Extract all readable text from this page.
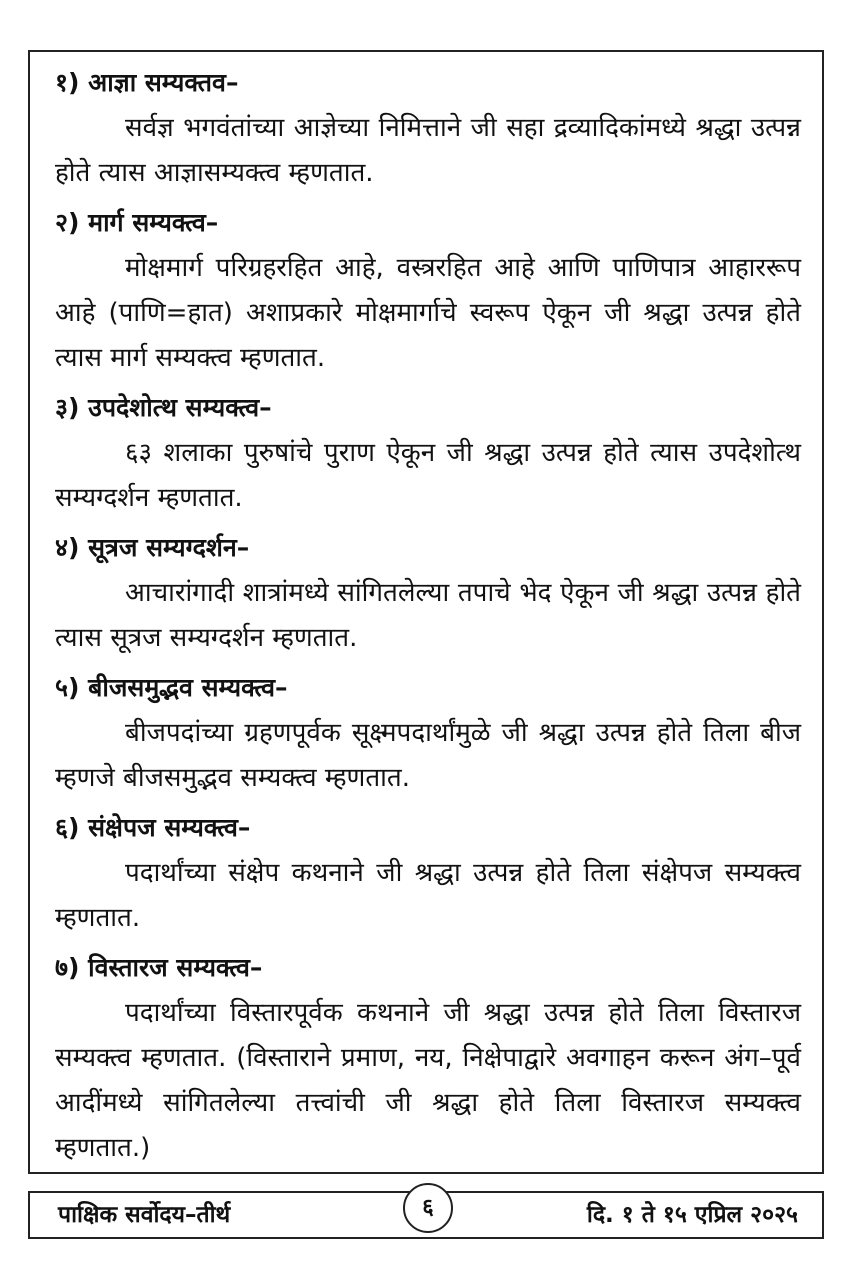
१) आज्ञा सम्यक्तव–

सर्वज्ञ भगवंतांच्या आज्ञेच्या निमित्ताने जी सहा द्रव्यादिकांमध्ये श्रद्धा उत्पन्न होते त्यास आज्ञासम्यक्त्व म्हणतात.

२) मार्ग सम्यक्त्व–

मोक्षमार्ग परिग्रहरहित आहे, वस्त्ररहित आहे आणि पाणिपात्र आहाररूप आहे (पाणि=हात) अशाप्रकारे मोक्षमार्गाचे स्वरूप ऐकून जी श्रद्धा उत्पन्न होते त्यास मार्ग सम्यक्त्व म्हणतात.

३) उपदेशोत्थ सम्यक्त्व–

६३ शलाका पुरुषांचे पुराण ऐकून जी श्रद्धा उत्पन्न होते त्यास उपदेशोत्थ सम्यग्दर्शन म्हणतात.

४) सूत्रज सम्यग्दर्शन–

आचारांगादी शात्रांमध्ये सांगितलेल्या तपाचे भेद ऐकून जी श्रद्धा उत्पन्न होते त्यास सूत्रज सम्यग्दर्शन म्हणतात.

५) बीजसमुद्भव सम्यक्त्व–

बीजपदांच्या ग्रहणपूर्वक सूक्ष्मपदार्थांमुळे जी श्रद्धा उत्पन्न होते तिला बीज म्हणजे बीजसमुद्भव सम्यक्त्व म्हणतात.

६) संक्षेपज सम्यक्त्व–

पदार्थांच्या संक्षेप कथनाने जी श्रद्धा उत्पन्न होते तिला संक्षेपज सम्यक्त्व म्हणतात.

७) विस्तारज सम्यक्त्व–

पदार्थांच्या विस्तारपूर्वक कथनाने जी श्रद्धा उत्पन्न होते तिला विस्तारज सम्यक्त्व म्हणतात. (विस्ताराने प्रमाण, नय, निक्षेपाद्वारे अवगाहन करून अंग–पूर्व आदींमध्ये सांगितलेल्या तत्त्वांची जी श्रद्धा होते तिला विस्तारज सम्यक्त्व म्हणतात.)

पाक्षिक सर्वोदय–तीर्थ	६	दि. १ ते १५ एप्रिल २०२५
